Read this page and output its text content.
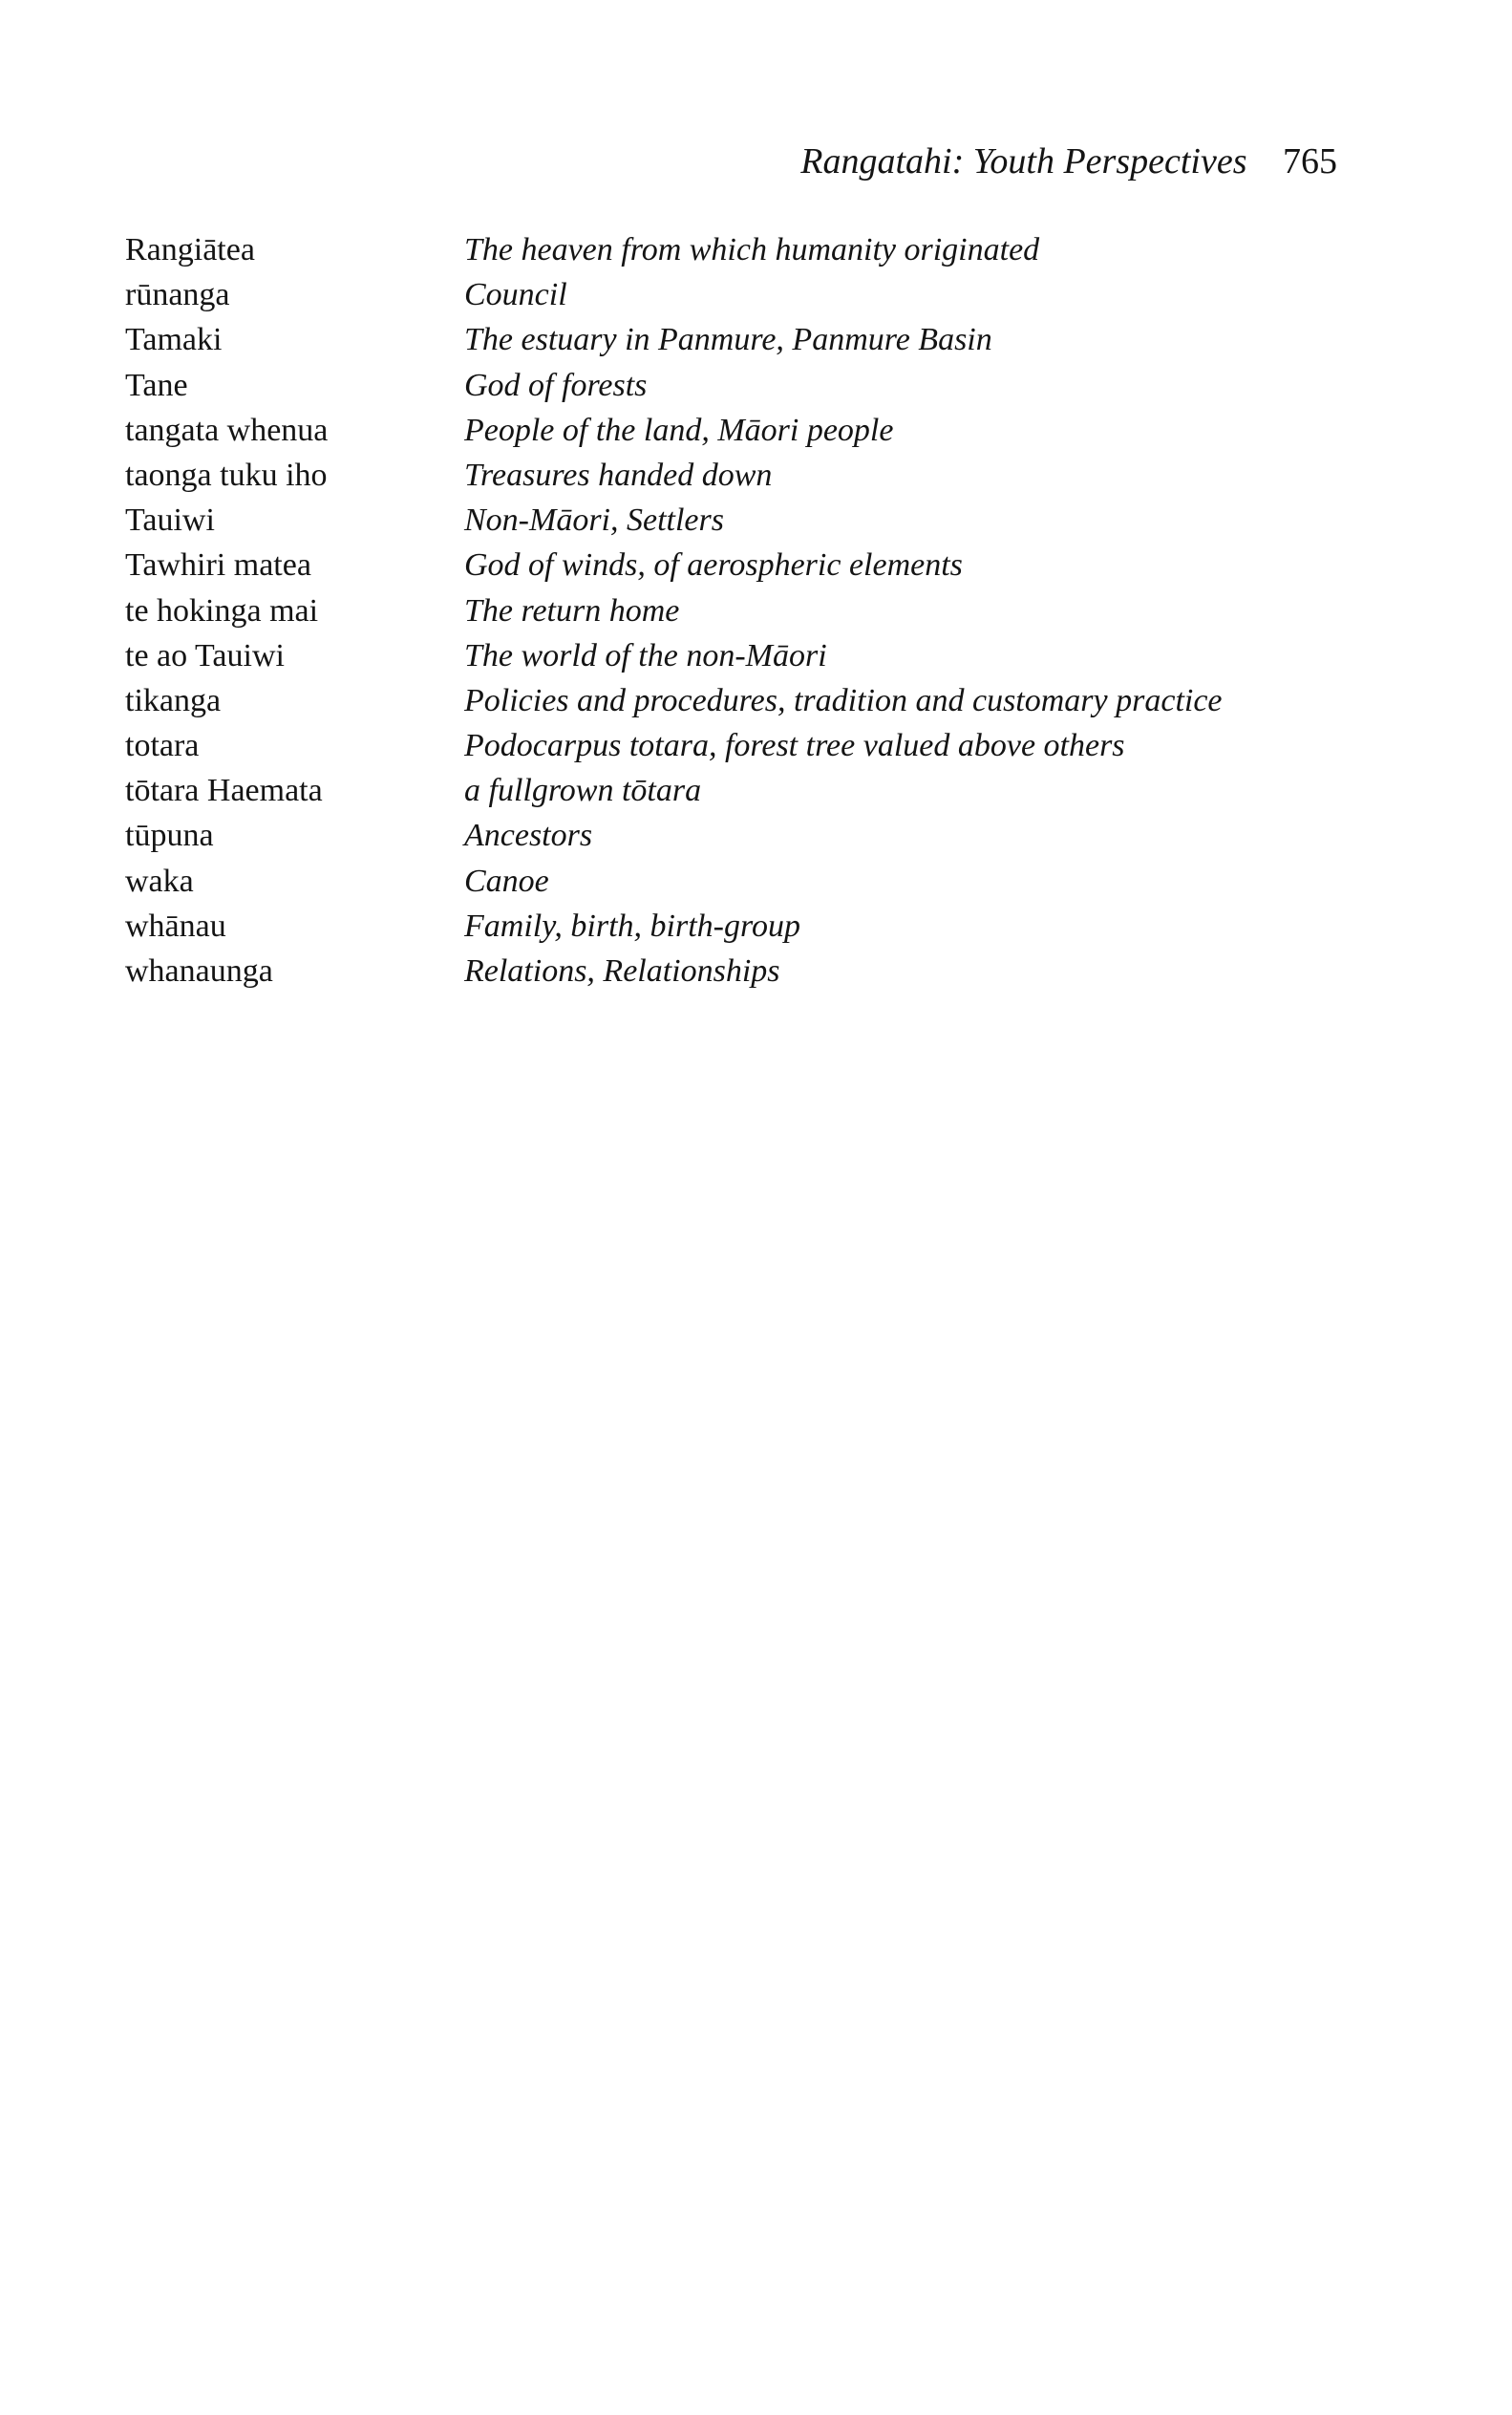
Rangatahi: Youth Perspectives 765
Rangiātea	The heaven from which humanity originated
rūnanga	Council
Tamaki	The estuary in Panmure, Panmure Basin
Tane	God of forests
tangata whenua	People of the land, Māori people
taonga tuku iho	Treasures handed down
Tauiwi	Non-Māori, Settlers
Tawhiri matea	God of winds, of aerospheric elements
te hokinga mai	The return home
te ao Tauiwi	The world of the non-Māori
tikanga	Policies and procedures, tradition and customary practice
totara	Podocarpus totara, forest tree valued above others
tōtara Haemata	a fullgrown tōtara
tūpuna	Ancestors
waka	Canoe
whānau	Family, birth, birth-group
whanaunga	Relations, Relationships
